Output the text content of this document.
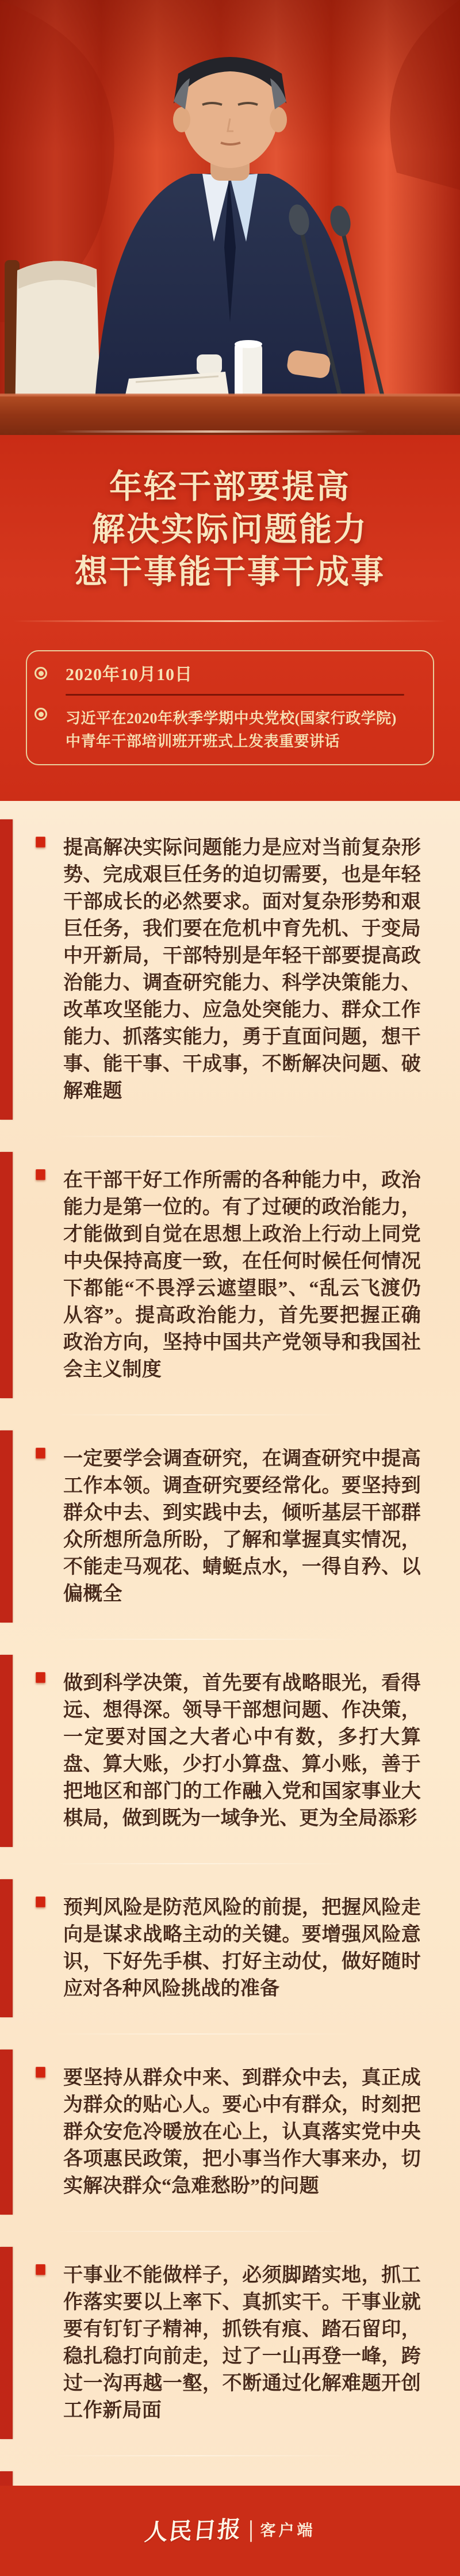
年轻干部要提高
解决实际问题能力
想干事能干事干成事
2020年10月10日

习近平在2020年秋季学期中央党校(国家行政学院)中青年干部培训班开班式上发表重要讲话

提高解决实际问题能力是应对当前复杂形势、完成艰巨任务的迫切需要，也是年轻干部成长的必然要求。面对复杂形势和艰巨任务，我们要在危机中育先机、于变局中开新局，干部特别是年轻干部要提高政治能力、调查研究能力、科学决策能力、改革攻坚能力、应急处突能力、群众工作能力、抓落实能力，勇于直面问题，想干事、能干事、干成事，不断解决问题、破解难题

在干部干好工作所需的各种能力中，政治能力是第一位的。有了过硬的政治能力，才能做到自觉在思想上政治上行动上同党中央保持高度一致，在任何时候任何情况下都能“不畏浮云遮望眼”、“乱云飞渡仍从容”。提高政治能力，首先要把握正确政治方向，坚持中国共产党领导和我国社会主义制度

一定要学会调查研究，在调查研究中提高工作本领。调查研究要经常化。要坚持到群众中去、到实践中去，倾听基层干部群众所想所急所盼，了解和掌握真实情况，不能走马观花、蜻蜓点水，一得自矜、以偏概全

做到科学决策，首先要有战略眼光，看得远、想得深。领导干部想问题、作决策，一定要对国之大者心中有数，多打大算盘、算大账，少打小算盘、算小账，善于把地区和部门的工作融入党和国家事业大棋局，做到既为一域争光、更为全局添彩

预判风险是防范风险的前提，把握风险走向是谋求战略主动的关键。要增强风险意识，下好先手棋、打好主动仗，做好随时应对各种风险挑战的准备

要坚持从群众中来、到群众中去，真正成为群众的贴心人。要心中有群众，时刻把群众安危冷暖放在心上，认真落实党中央各项惠民政策，把小事当作大事来办，切实解决群众“急难愁盼”的问题

干事业不能做样子，必须脚踏实地，抓工作落实要以上率下、真抓实干。干事业就要有钉钉子精神，抓铁有痕、踏石留印，稳扎稳打向前走，过了一山再登一峰，跨过一沟再越一壑，不断通过化解难题开创工作新局面

人民日报 客户端
